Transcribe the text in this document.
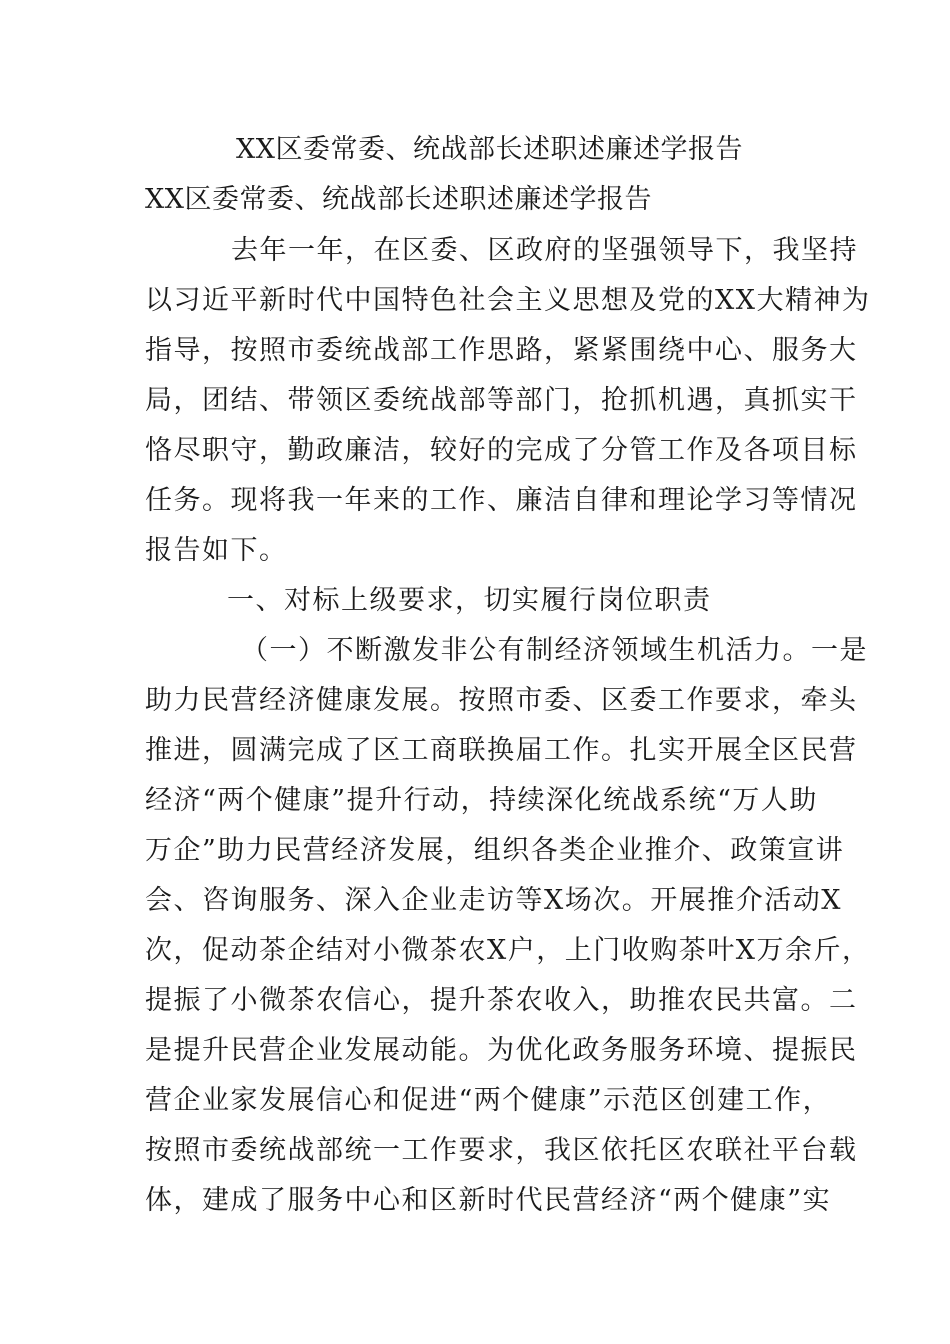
XX区委常委、统战部长述职述廉述学报告
XX区委常委、统战部长述职述廉述学报告
去年一年，在区委、区政府的坚强领导下，我坚持
以习近平新时代中国特色社会主义思想及党的XX大精神为
指导，按照市委统战部工作思路，紧紧围绕中心、服务大
局，团结、带领区委统战部等部门，抢抓机遇，真抓实干
恪尽职守，勤政廉洁，较好的完成了分管工作及各项目标
任务。现将我一年来的工作、廉洁自律和理论学习等情况
报告如下。
一、对标上级要求，切实履行岗位职责
（一）不断激发非公有制经济领域生机活力。一是
助力民营经济健康发展。按照市委、区委工作要求，牵头
推进，圆满完成了区工商联换届工作。扎实开展全区民营
经济“两个健康”提升行动，持续深化统战系统“万人助
万企”助力民营经济发展，组织各类企业推介、政策宣讲
会、咨询服务、深入企业走访等X场次。开展推介活动X
次，促动茶企结对小微茶农X户，上门收购茶叶X万余斤，
提振了小微茶农信心，提升茶农收入，助推农民共富。二
是提升民营企业发展动能。为优化政务服务环境、提振民
营企业家发展信心和促进“两个健康”示范区创建工作，
按照市委统战部统一工作要求，我区依托区农联社平台载
体，建成了服务中心和区新时代民营经济“两个健康”实
